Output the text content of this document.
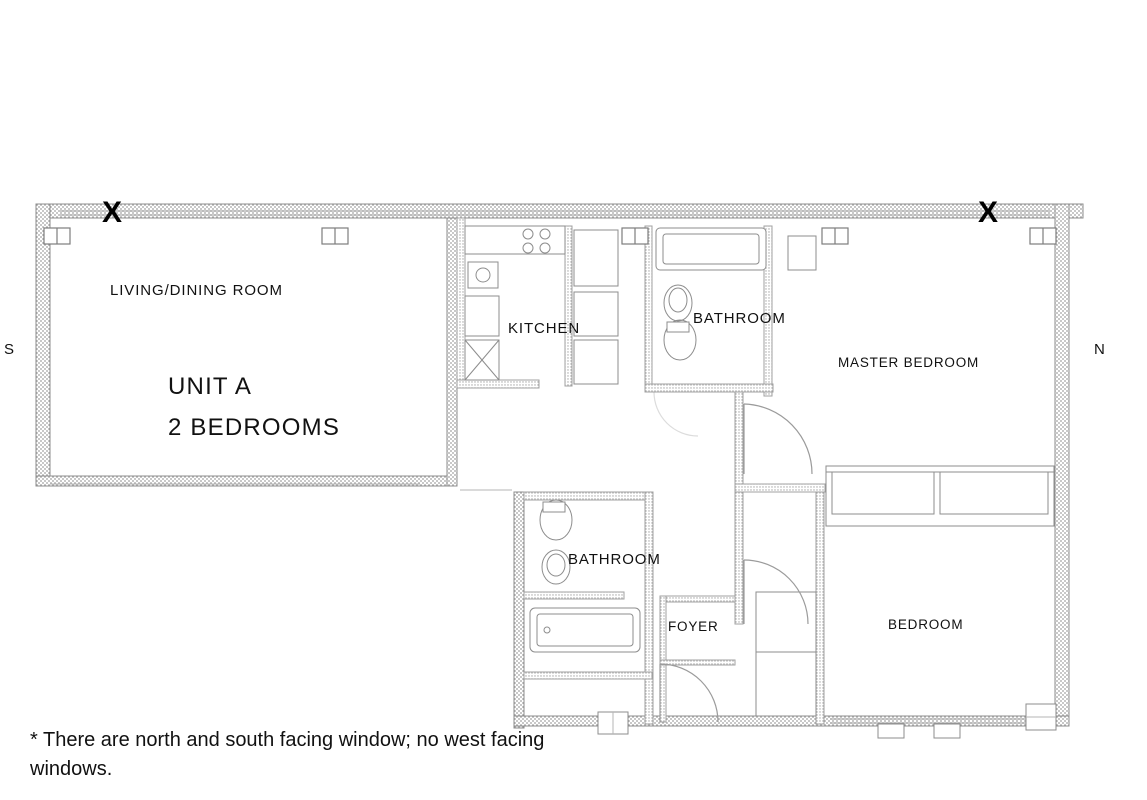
LIVING/DINING ROOM
KITCHEN
BATHROOM
MASTER BEDROOM
BATHROOM
FOYER	BEDROOM
UNIT A
2 BEDROOMS
S	N
X	X
* There are north and south facing window; no west facing windows.
